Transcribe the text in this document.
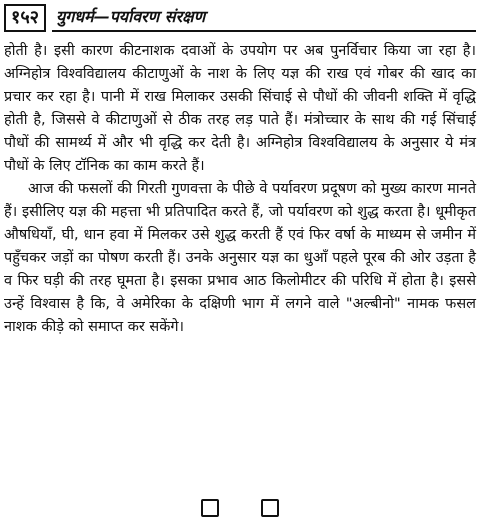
१५२	युगधर्म—पर्यावरण संरक्षण

होती है। इसी कारण कीटनाशक दवाओं के उपयोग पर अब पुनर्विचार किया जा रहा है। अग्निहोत्र विश्वविद्यालय कीटाणुओं के नाश के लिए यज्ञ की राख एवं गोबर की खाद का प्रचार कर रहा है। पानी में राख मिलाकर उसकी सिंचाई से पौधों की जीवनी शक्ति में वृद्धि होती है, जिससे वे कीटाणुओं से ठीक तरह लड़ पाते हैं। मंत्रोच्चार के साथ की गई सिंचाई पौधों की सामर्थ्य में और भी वृद्धि कर देती है। अग्निहोत्र विश्वविद्यालय के अनुसार ये मंत्र पौधों के लिए टॉनिक का काम करते हैं।

आज की फसलों की गिरती गुणवत्ता के पीछे वे पर्यावरण प्रदूषण को मुख्य कारण मानते हैं। इसीलिए यज्ञ की महत्ता भी प्रतिपादित करते हैं, जो पर्यावरण को शुद्ध करता है। धूमीकृत औषधियाँ, घी, धान हवा में मिलकर उसे शुद्ध करती हैं एवं फिर वर्षा के माध्यम से जमीन में पहुँचकर जड़ों का पोषण करती हैं। उनके अनुसार यज्ञ का धुआँ पहले पूरब की ओर उड़ता है व फिर घड़ी की तरह घूमता है। इसका प्रभाव आठ किलोमीटर की परिधि में होता है। इससे उन्हें विश्वास है कि, वे अमेरिका के दक्षिणी भाग में लगने वाले "अल्बीनो" नामक फसल नाशक कीड़े को समाप्त कर सकेंगे।
